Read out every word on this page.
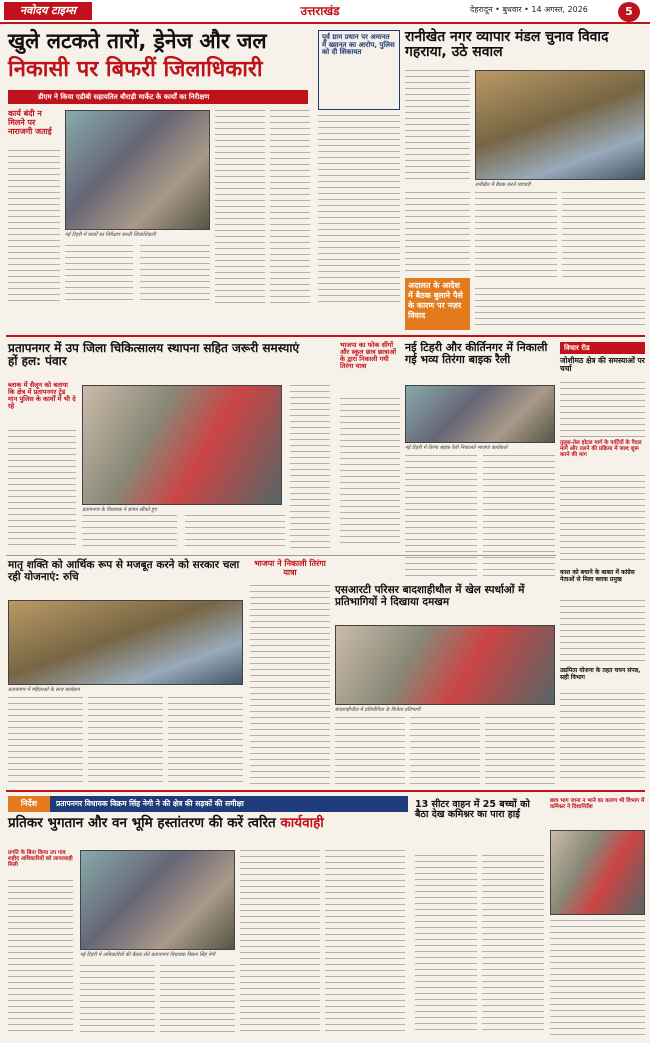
नवोदय टाइम्स	उत्तराखंड	देहरादून • बुधवार • 14 अगस्त, 2026	5
खुले लटकते तारों, ड्रेनेज और जल
निकासी पर बिफरीं जिलाधिकारी
डीएम ने किया एडीबी सहायतित बौराड़ी मार्केट के कार्यों का निरीक्षण
कार्य बंदी न मिलने पर नाराजगी जताई
नई टिहरी में कार्यों का निरीक्षण करतीं जिलाधिकारी
पूर्व ग्राम प्रधान पर अमानत में ख्यानत का आरोप, पुलिस को दी शिकायत
रानीखेत नगर व्यापार मंडल चुनाव विवाद गहराया, उठे सवाल
रानीखेत में बैठक करते व्यापारी
अदालत के आदेश में बैठक बुलाने पैसे के कारण पर नज़र विवाद
प्रतापनगर में उप जिला चिकित्सालय स्थापना सहित जरूरी समस्याएं हों हल: पंवार
ब्लाक में सैलून को बताया कि क्षेत्र में प्रतापनगर ट्रेड मान पुलिस के कार्यों में भी दे रहे
प्रतापनगर के विधायक ने ज्ञापन सौंपते हुए
भाजपा का फोक सींगों और स्कूल छात्र छात्राओं के द्वारा निकाली गयी तिरंगा यात्रा
नई टिहरी और कीर्तिनगर में निकाली गई भव्य तिरंगा बाइक रैली
नई टिहरी में तिरंगा बाइक रैली निकालते भाजपा कार्यकर्ता
विचार रीड
जोशीमठ क्षेत्र की समस्याओं पर चर्चा
तुलुस-तेल होटल मार्ग के पार्टियों के पैदल मार्ग और तलने की प्रक्रिया में जल्द शुरू करने की मांग
काश को बचाने के बाबत में कांग्रेस नेताओं से मिला ब्लाक प्रमुख
उद्यमिता योजना के तहत चयन संपन्न, सही विभाग
मातृ शक्ति को आर्थिक रूप से मजबूत करने को सरकार चला रही योजनाएं: रुचि
प्रतापनगर में महिलाओं के साथ कार्यक्रम
भाजपा ने निकाली तिरंगा यात्रा
एसआरटी परिसर बादशाहीथौल में खेल स्पर्धाओं में प्रतिभागियों ने दिखाया दमखम
बादशाहीथौल में प्रतियोगिता के विजेता प्रतिभागी
निर्देश	प्रतापनगर विधायक विक्रम सिंह नेगी ने की क्षेत्र की सड़कों की समीक्षा
प्रतिकर भुगतान और वन भूमि हस्तांतरण की करें त्वरित कार्यवाही
प्रगति के बिना किया उप गांव शहीद अधिकारियों को लापरवाही मिली
नई टिहरी में अधिकारियों की बैठक लेते प्रतापनगर विधायक विक्रम सिंह नेगी
13 सीटर वाहन में 25 बच्चों को बैठा देख कमिश्नर का पारा हाई
छात्र भाग जाना न भाने का कारण भी विभाग में कमिश्नर ने दिशानिर्देश
